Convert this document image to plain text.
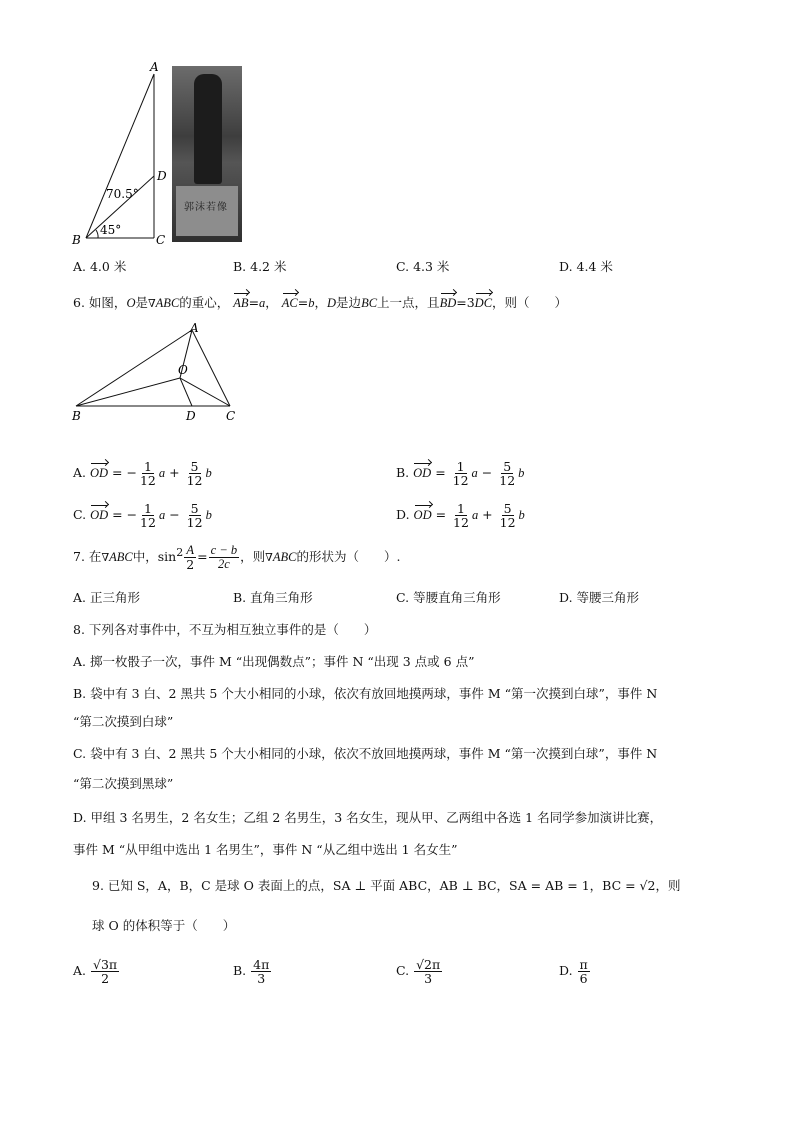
A
D
B	C
70.5°
45°
郭沫若像
A. 4.0 米	B. 4.2 米	C. 4.3 米	D. 4.4 米
6. 如图，O是∇ABC的重心， AB=a， AC=b，D是边BC上一点，且BD=3DC，则（　　）
A
O
B	D	C
A. OD = − $\frac{1}{12}$ $a + \frac{5}{12}$ b	B. OD = $\frac{1}{12}$ $a - \frac{5}{12}$ b
C. OD = − $\frac{1}{12}$ $a - \frac{5}{12}$ b	D. OD = $\frac{1}{12}$ $a + \frac{5}{12}$ b
7. 在∇ABC中，$\sin^2 \frac{A}{2} = \frac{c - b}{2c}$ ，则∇ABC的形状为（　　）.
A. 正三角形	B. 直角三角形	C. 等腰直角三角形	D. 等腰三角形
8. 下列各对事件中，不互为相互独立事件的是（　　）
A. 掷一枚骰子一次，事件 M “出现偶数点”；事件 N “出现 3 点或 6 点”
B. 袋中有 3 白、2 黑共 5 个大小相同的小球，依次有放回地摸两球，事件 M “第一次摸到白球”，事件 N
“第二次摸到白球”
C. 袋中有 3 白、2 黑共 5 个大小相同的小球，依次不放回地摸两球，事件 M “第一次摸到白球”，事件 N
“第二次摸到黑球”
D. 甲组 3 名男生，2 名女生；乙组 2 名男生，3 名女生，现从甲、乙两组中各选 1 名同学参加演讲比赛，
事件 M “从甲组中选出 1 名男生”，事件 N “从乙组中选出 1 名女生”
9. 已知 S，A，B，C 是球 O 表面上的点，SA ⊥ 平面 ABC，AB ⊥ BC，SA = AB = 1，BC = √2，则
球 O 的体积等于（　　）
A. $\frac{√3\pi}{2}$	B. $\frac{4\pi}{3}$	C. $\frac{√2\pi}{3}$	D. $\frac{\pi}{6}$
